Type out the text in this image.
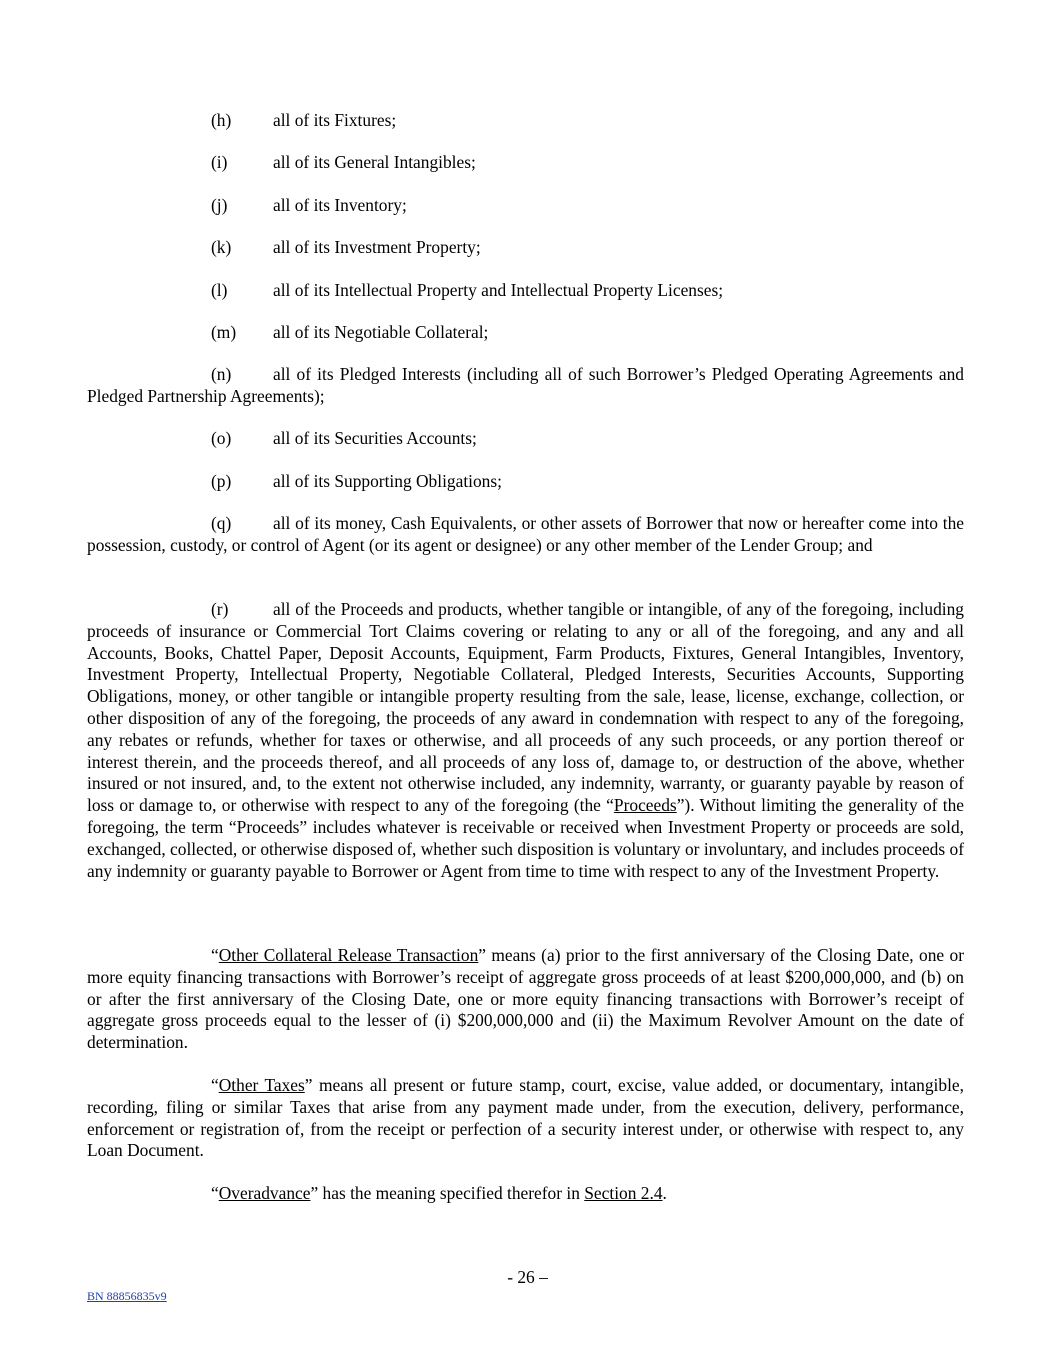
(h) all of its Fixtures;
(i)	all of its General Intangibles;
(j)	all of its Inventory;
(k) all of its Investment Property;
(l)	all of its Intellectual Property and Intellectual Property Licenses;
(m) all of its Negotiable Collateral;
(n) all of its Pledged Interests (including all of such Borrower’s Pledged Operating Agreements and Pledged Partnership Agreements);
(o) all of its Securities Accounts;
(p) all of its Supporting Obligations;
(q) all of its money, Cash Equivalents, or other assets of Borrower that now or hereafter come into the possession, custody, or control of Agent (or its agent or designee) or any other member of the Lender Group; and
(r)	all of the Proceeds and products, whether tangible or intangible, of any of the foregoing, including proceeds of insurance or Commercial Tort Claims covering or relating to any or all of the foregoing, and any and all Accounts, Books, Chattel Paper, Deposit Accounts, Equipment, Farm Products, Fixtures, General Intangibles, Inventory, Investment Property, Intellectual Property, Negotiable Collateral, Pledged Interests, Securities Accounts, Supporting Obligations, money, or other tangible or intangible property resulting from the sale, lease, license, exchange, collection, or other disposition of any of the foregoing, the proceeds of any award in condemnation with respect to any of the foregoing, any rebates or refunds, whether for taxes or otherwise, and all proceeds of any such proceeds, or any portion thereof or interest therein, and the proceeds thereof, and all proceeds of any loss of, damage to, or destruction of the above, whether insured or not insured, and, to the extent not otherwise included, any indemnity, warranty, or guaranty payable by reason of loss or damage to, or otherwise with respect to any of the foregoing (the “Proceeds”). Without limiting the generality of the foregoing, the term “Proceeds” includes whatever is receivable or received when Investment Property or proceeds are sold, exchanged, collected, or otherwise disposed of, whether such disposition is voluntary or involuntary, and includes proceeds of any indemnity or guaranty payable to Borrower or Agent from time to time with respect to any of the Investment Property.
“Other Collateral Release Transaction” means (a) prior to the first anniversary of the Closing Date, one or more equity financing transactions with Borrower’s receipt of aggregate gross proceeds of at least $200,000,000, and (b) on or after the first anniversary of the Closing Date, one or more equity financing transactions with Borrower’s receipt of aggregate gross proceeds equal to the lesser of (i) $200,000,000 and (ii) the Maximum Revolver Amount on the date of determination.
“Other Taxes” means all present or future stamp, court, excise, value added, or documentary, intangible, recording, filing or similar Taxes that arise from any payment made under, from the execution, delivery, performance, enforcement or registration of, from the receipt or perfection of a security interest under, or otherwise with respect to, any Loan Document.
“Overadvance” has the meaning specified therefor in Section 2.4.
- 26 –
BN 88856835v9
